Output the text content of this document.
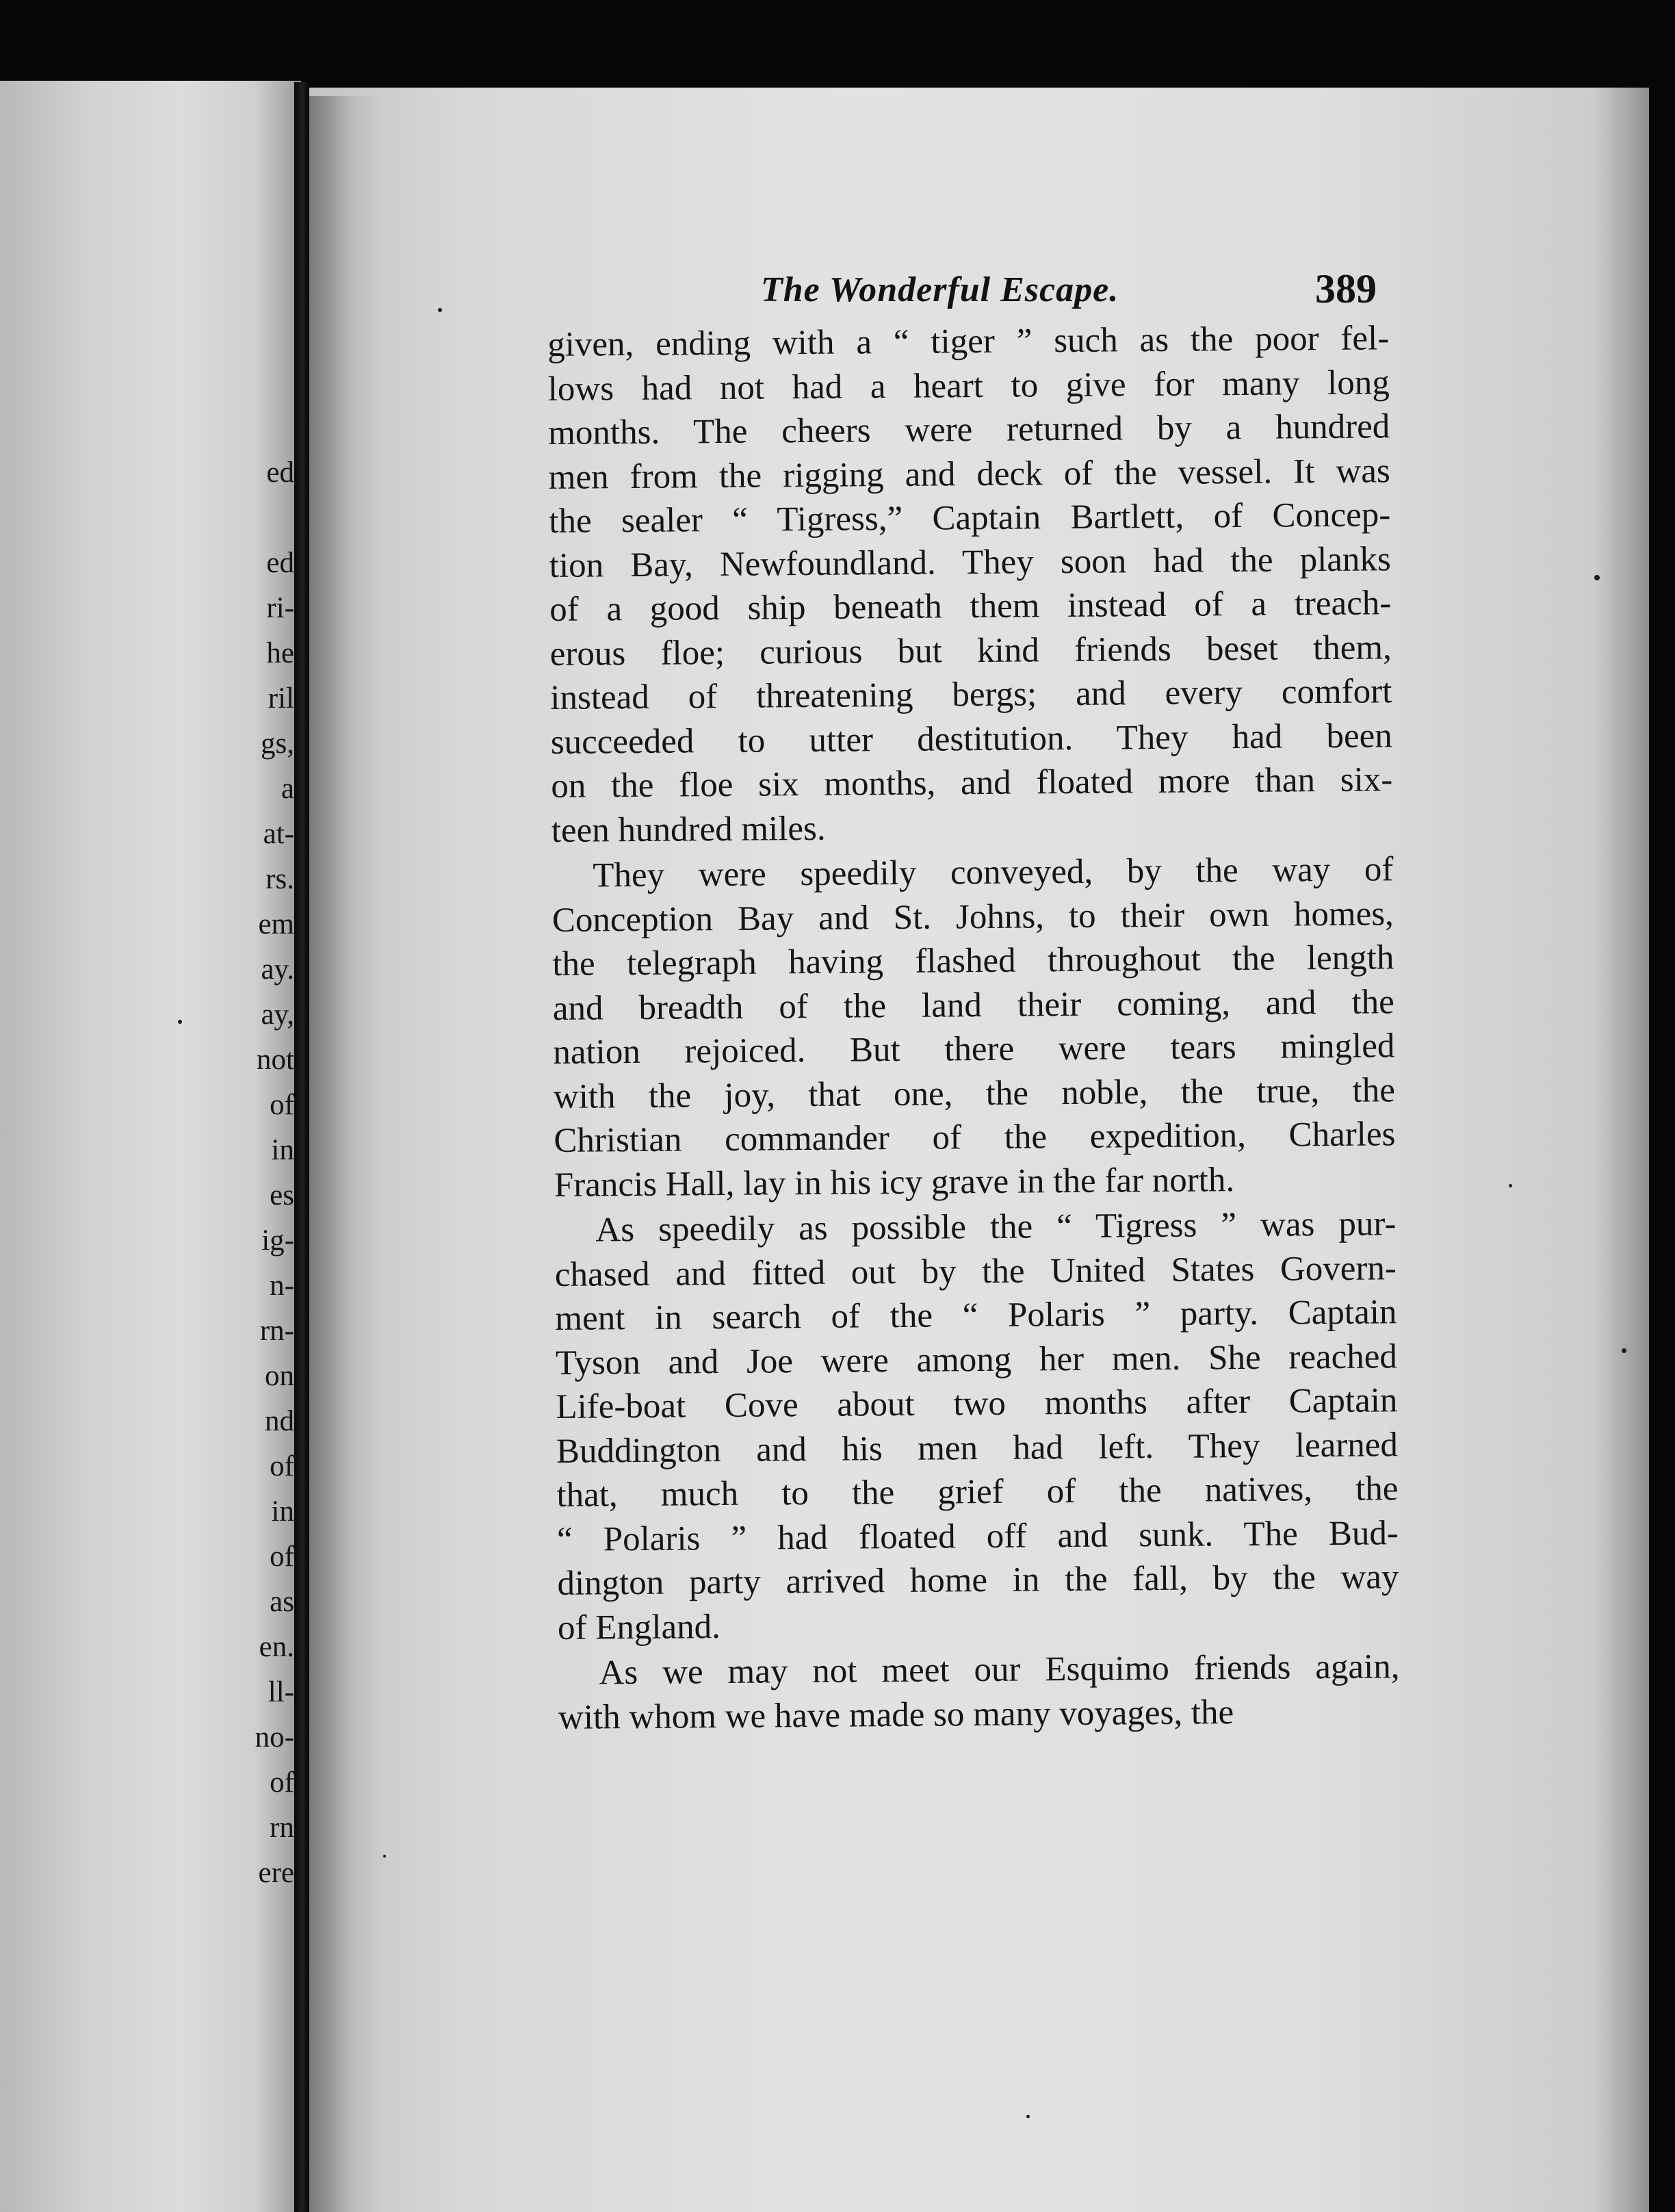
ed
ed
ri-
he
ril
gs,
a
at-
rs.
em
ay.
ay,
not
of
in
es
ig-
n-
rn-
on
nd
of
in
of
as
en.
ll-
no-
of
rn
ere
The Wonderful Escape.	389
given, ending with a “ tiger ” such as the poor fel-
lows had not had a heart to give for many long
months. The cheers were returned by a hundred
men from the rigging and deck of the vessel. It was
the sealer “ Tigress,” Captain Bartlett, of Concep-
tion Bay, Newfoundland. They soon had the planks
of a good ship beneath them instead of a treach-
erous floe; curious but kind friends beset them,
instead of threatening bergs; and every comfort
succeeded to utter destitution. They had been
on the floe six months, and floated more than six-
teen hundred miles.
They were speedily conveyed, by the way of
Conception Bay and St. Johns, to their own homes,
the telegraph having flashed throughout the length
and breadth of the land their coming, and the
nation rejoiced. But there were tears mingled
with the joy, that one, the noble, the true, the
Christian commander of the expedition, Charles
Francis Hall, lay in his icy grave in the far north.
As speedily as possible the “ Tigress ” was pur-
chased and fitted out by the United States Govern-
ment in search of the “ Polaris ” party. Captain
Tyson and Joe were among her men. She reached
Life-boat Cove about two months after Captain
Buddington and his men had left. They learned
that, much to the grief of the natives, the
“ Polaris ” had floated off and sunk. The Bud-
dington party arrived home in the fall, by the way
of England.
As we may not meet our Esquimo friends again,
with whom we have made so many voyages, the
